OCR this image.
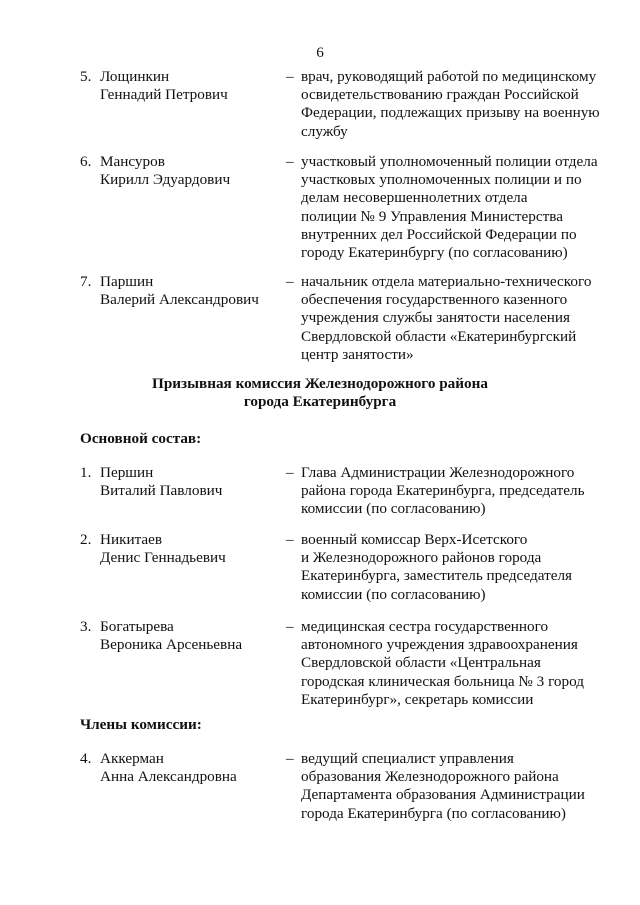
6
5. Лощинкин
Геннадий Петрович
– врач, руководящий работой по медицинскому
освидетельствованию граждан Российской
Федерации, подлежащих призыву на военную
службу
6. Мансуров
Кирилл Эдуардович
– участковый уполномоченный полиции отдела
участковых уполномоченных полиции и по
делам несовершеннолетних отдела
полиции № 9 Управления Министерства
внутренних дел Российской Федерации по
городу Екатеринбургу (по согласованию)
7. Паршин
Валерий Александрович
– начальник отдела материально-технического
обеспечения государственного казенного
учреждения службы занятости населения
Свердловской области «Екатеринбургский
центр занятости»
Призывная комиссия Железнодорожного района
города Екатеринбурга
Основной состав:
1. Першин
Виталий Павлович
– Глава Администрации Железнодорожного
района города Екатеринбурга, председатель
комиссии (по согласованию)
2. Никитаев
Денис Геннадьевич
– военный комиссар Верх-Исетского
и Железнодорожного районов города
Екатеринбурга, заместитель председателя
комиссии (по согласованию)
3. Богатырева
Вероника Арсеньевна
– медицинская сестра государственного
автономного учреждения здравоохранения
Свердловской области «Центральная
городская клиническая больница № 3 город
Екатеринбург», секретарь комиссии
Члены комиссии:
4. Аккерман
Анна Александровна
– ведущий специалист управления
образования Железнодорожного района
Департамента образования Администрации
города Екатеринбурга (по согласованию)
